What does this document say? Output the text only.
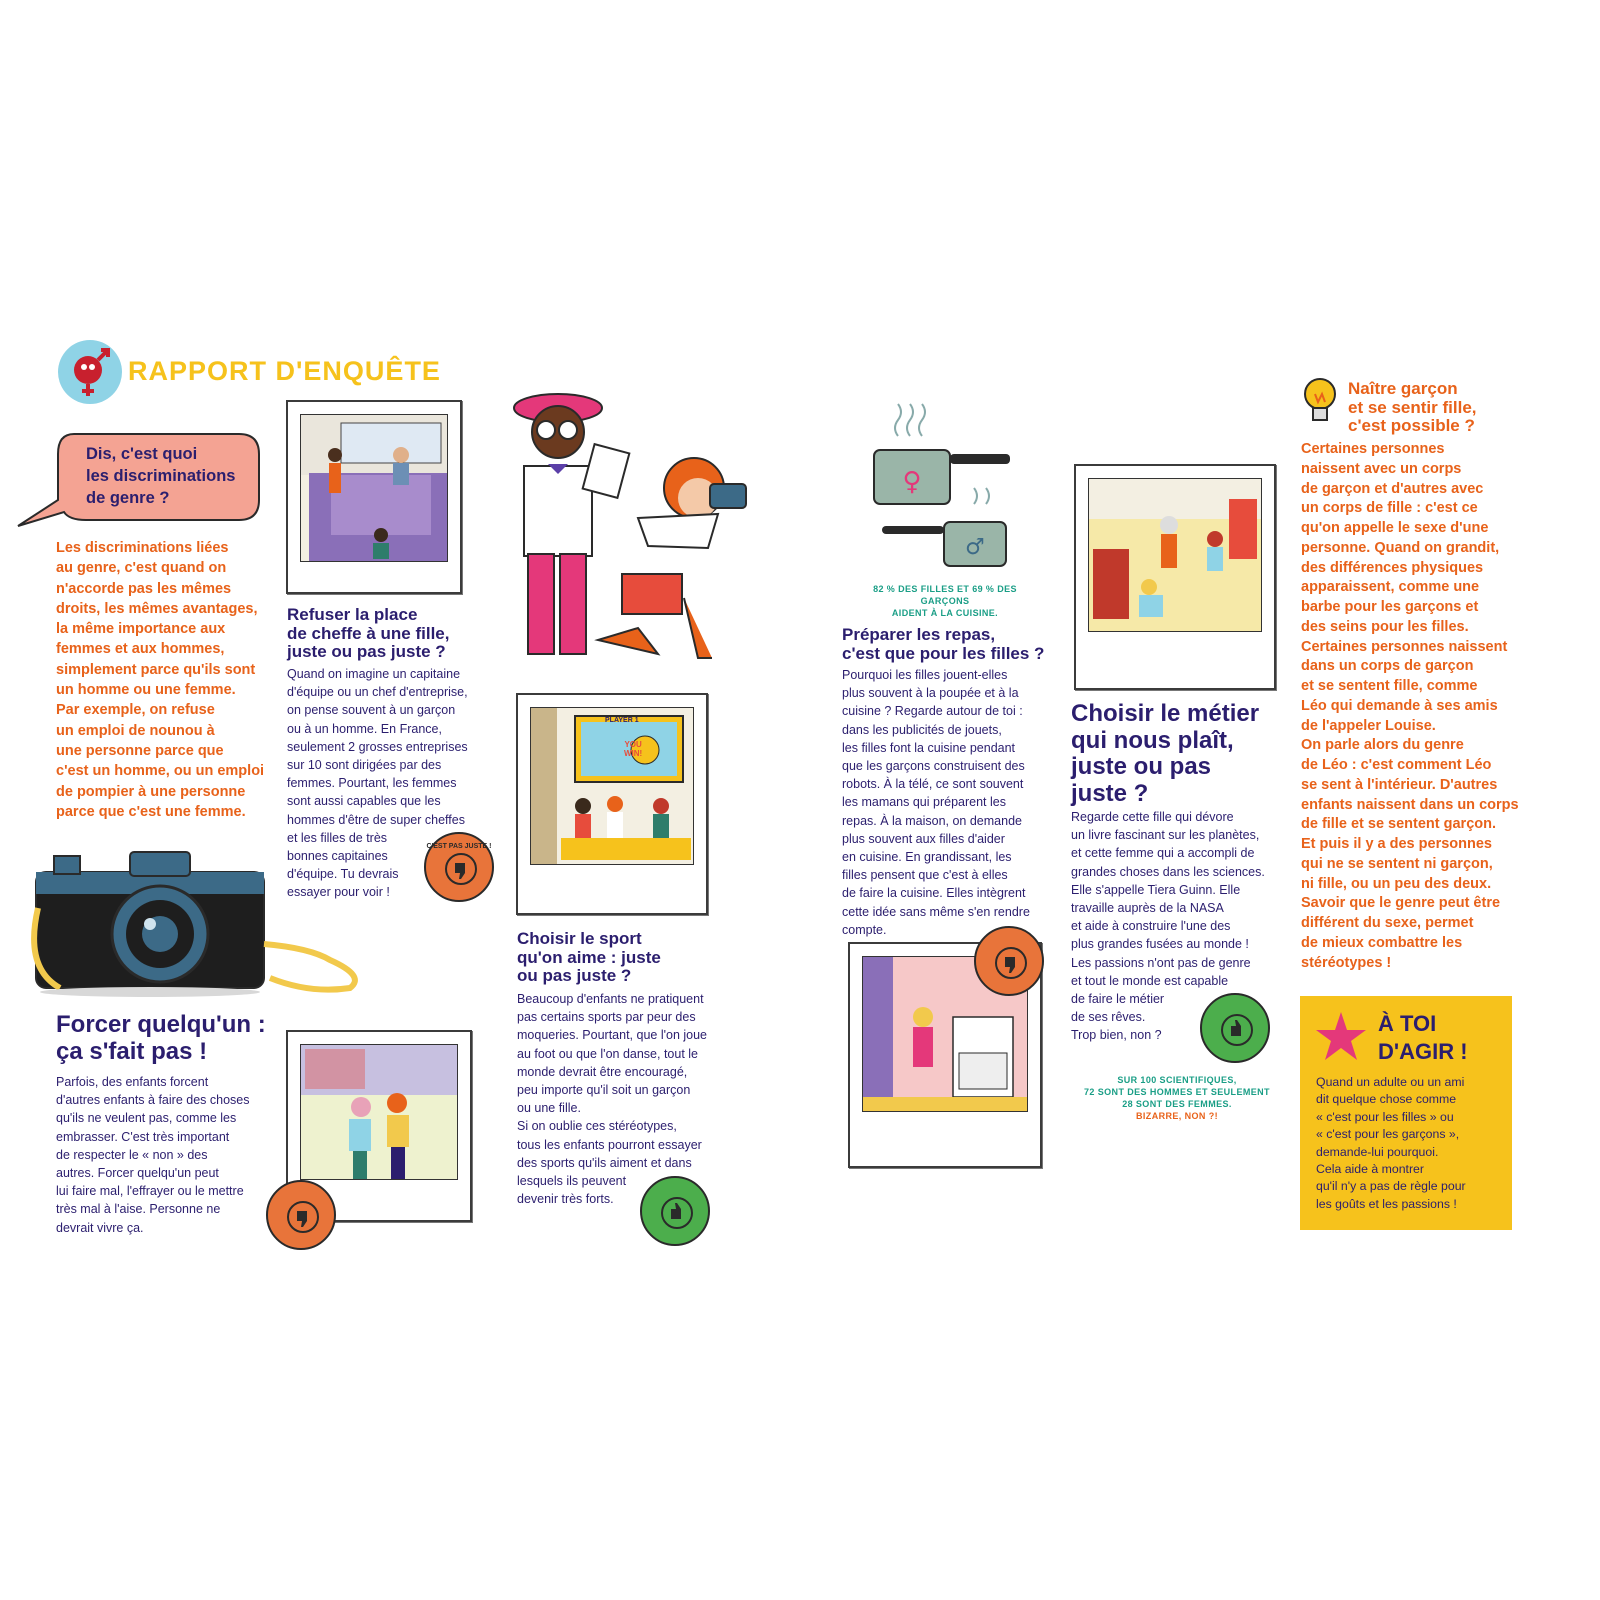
RAPPORT D'ENQUÊTE
Dis, c'est quoi
les discriminations
de genre ?
Les discriminations liées
au genre, c'est quand on
n'accorde pas les mêmes
droits, les mêmes avantages,
la même importance aux
femmes et aux hommes,
simplement parce qu'ils sont
un homme ou une femme.
Par exemple, on refuse
un emploi de nounou à
une personne parce que
c'est un homme, ou un emploi
de pompier à une personne
parce que c'est une femme.
Forcer quelqu'un :
ça s'fait pas !
Parfois, des enfants forcent
d'autres enfants à faire des choses
qu'ils ne veulent pas, comme les
embrasser. C'est très important
de respecter le « non » des
autres. Forcer quelqu'un peut
lui faire mal, l'effrayer ou le mettre
très mal à l'aise. Personne ne
devrait vivre ça.
Refuser la place
de cheffe à une fille,
juste ou pas juste ?
Quand on imagine un capitaine
d'équipe ou un chef d'entreprise,
on pense souvent à un garçon
ou à un homme. En France,
seulement 2 grosses entreprises
sur 10 sont dirigées par des
femmes. Pourtant, les femmes
sont aussi capables que les
hommes d'être de super cheffes
et les filles de très
bonnes capitaines
d'équipe. Tu devrais
essayer pour voir !
C'EST PAS JUSTE !
PLAYER 1
YOU
WIN!
Choisir le sport
qu'on aime : juste
ou pas juste ?
Beaucoup d'enfants ne pratiquent
pas certains sports par peur des
moqueries. Pourtant, que l'on joue
au foot ou que l'on danse, tout le
monde devrait être encouragé,
peu importe qu'il soit un garçon
ou une fille.
Si on oublie ces stéréotypes,
tous les enfants pourront essayer
des sports qu'ils aiment et dans
lesquels ils peuvent
devenir très forts.
♀
♂
82 % DES FILLES ET 69 % DES GARÇONS
AIDENT À LA CUISINE.
Préparer les repas,
c'est que pour les filles ?
Pourquoi les filles jouent-elles
plus souvent à la poupée et à la
cuisine ? Regarde autour de toi :
dans les publicités de jouets,
les filles font la cuisine pendant
que les garçons construisent des
robots. À la télé, ce sont souvent
les mamans qui préparent les
repas. À la maison, on demande
plus souvent aux filles d'aider
en cuisine. En grandissant, les
filles pensent que c'est à elles
de faire la cuisine. Elles intègrent
cette idée sans même s'en rendre
compte.
Choisir le métier
qui nous plaît,
juste ou pas
juste ?
Regarde cette fille qui dévore
un livre fascinant sur les planètes,
et cette femme qui a accompli de
grandes choses dans les sciences.
Elle s'appelle Tiera Guinn. Elle
travaille auprès de la NASA
et aide à construire l'une des
plus grandes fusées au monde !
Les passions n'ont pas de genre
et tout le monde est capable
de faire le métier
de ses rêves.
Trop bien, non ?
SUR 100 SCIENTIFIQUES,
72 SONT DES HOMMES ET SEULEMENT
28 SONT DES FEMMES.
BIZARRE, NON ?!
Naître garçon
et se sentir fille,
c'est possible ?
Certaines personnes
naissent avec un corps
de garçon et d'autres avec
un corps de fille : c'est ce
qu'on appelle le sexe d'une
personne. Quand on grandit,
des différences physiques
apparaissent, comme une
barbe pour les garçons et
des seins pour les filles.
Certaines personnes naissent
dans un corps de garçon
et se sentent fille, comme
Léo qui demande à ses amis
de l'appeler Louise.
On parle alors du genre
de Léo : c'est comment Léo
se sent à l'intérieur. D'autres
enfants naissent dans un corps
de fille et se sentent garçon.
Et puis il y a des personnes
qui ne se sentent ni garçon,
ni fille, ou un peu des deux.
Savoir que le genre peut être
différent du sexe, permet
de mieux combattre les
stéréotypes !
À TOI
D'AGIR !
Quand un adulte ou un ami
dit quelque chose comme
« c'est pour les filles » ou
« c'est pour les garçons »,
demande-lui pourquoi.
Cela aide à montrer
qu'il n'y a pas de règle pour
les goûts et les passions !
